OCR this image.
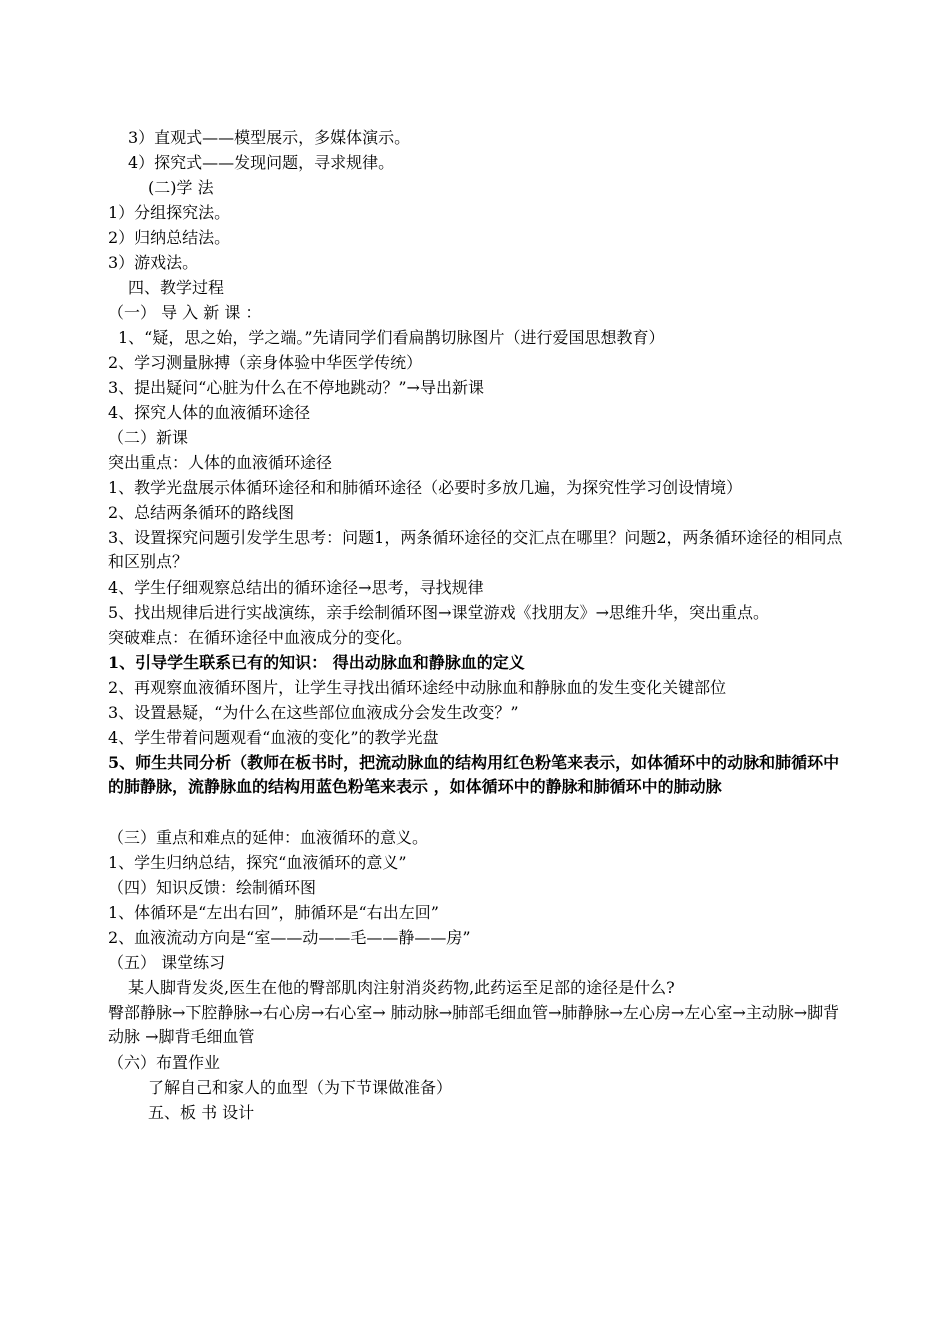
3）直观式——模型展示，多媒体演示。
4）探究式——发现问题，寻求规律。
(二)学 法
1）分组探究法。
2）归纳总结法。
3）游戏法。
四、教学过程
（一） 导 入 新 课 ：
1、“疑，思之始，学之端。”先请同学们看扁鹊切脉图片（进行爱国思想教育）
2、学习测量脉搏（亲身体验中华医学传统）
3、提出疑问“心脏为什么在不停地跳动？”→导出新课
4、探究人体的血液循环途径
（二）新课
突出重点：人体的血液循环途径
1、教学光盘展示体循环途径和和肺循环途径（必要时多放几遍，为探究性学习创设情境）
2、总结两条循环的路线图
3、设置探究问题引发学生思考：问题1，两条循环途径的交汇点在哪里？问题2，两条循环途径的相同点和区别点？
4、学生仔细观察总结出的循环途径→思考，寻找规律
5、找出规律后进行实战演练，亲手绘制循环图→课堂游戏《找朋友》→思维升华，突出重点。
突破难点：在循环途径中血液成分的变化。
1、引导学生联系已有的知识： 得出动脉血和静脉血的定义
2、再观察血液循环图片，让学生寻找出循环途经中动脉血和静脉血的发生变化关键部位
3、设置悬疑，“为什么在这些部位血液成分会发生改变？”
4、学生带着问题观看“血液的变化”的教学光盘
5、师生共同分析（教师在板书时，把流动脉血的结构用红色粉笔来表示，如体循环中的动脉和肺循环中的肺静脉，流静脉血的结构用蓝色粉笔来表示 ，如体循环中的静脉和肺循环中的肺动脉
（三）重点和难点的延伸：血液循环的意义。
1、学生归纳总结，探究“血液循环的意义”
（四）知识反馈：绘制循环图
1、体循环是“左出右回”，肺循环是“右出左回”
2、血液流动方向是“室——动——毛——静——房”
（五） 课堂练习
某人脚背发炎,医生在他的臀部肌肉注射消炎药物,此药运至足部的途径是什么?
臀部静脉→下腔静脉→右心房→右心室→ 肺动脉→肺部毛细血管→肺静脉→左心房→左心室→主动脉→脚背动脉 →脚背毛细血管
（六）布置作业
了解自己和家人的血型（为下节课做准备）
五、板 书 设计
